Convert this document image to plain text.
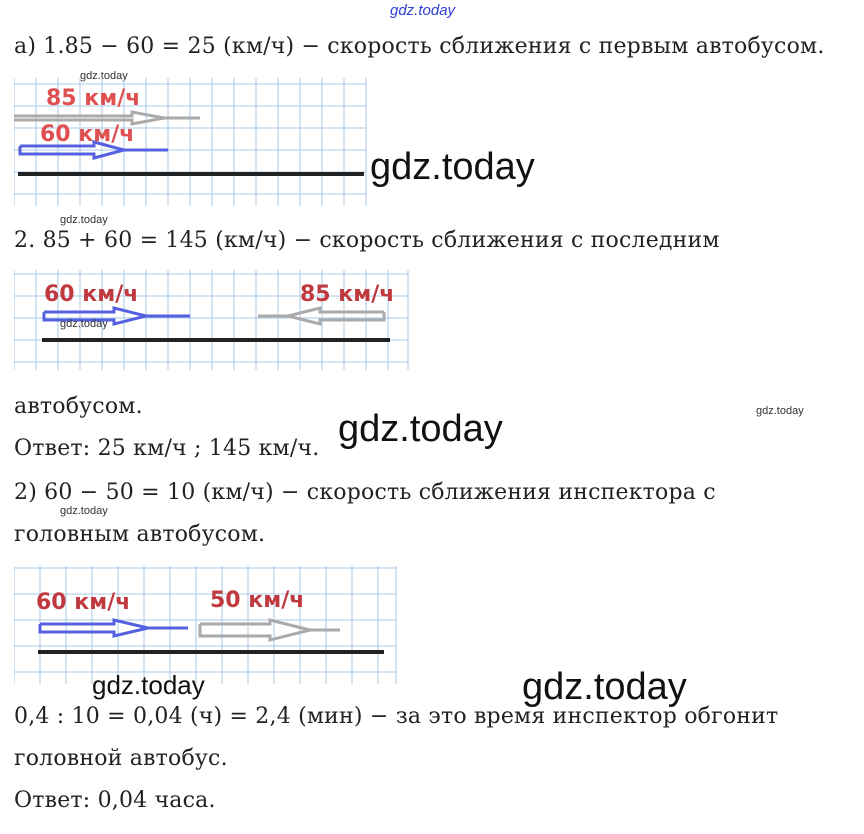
gdz.today
а) 1.85 − 60 = 25 (км/ч) − скорость сближения с первым автобусом.
gdz.today
85 км/ч
60 км/ч
gdz.today
gdz.today
2. 85 + 60 = 145 (км/ч) − скорость сближения с последним
60 км/ч	85 км/ч
gdz.today
автобусом.	gdz.today
Ответ: 25 км/ч ; 145 км/ч. gdz.today
2) 60 − 50 = 10 (км/ч) − скорость сближения инспектора с
gdz.today
головным автобусом.
60 км/ч	50 км/ч
gdz.today	gdz.today
0,4 : 10 = 0,04 (ч) = 2,4 (мин) − за это время инспектор обгонит
головной автобус.
Ответ: 0,04 часа.
